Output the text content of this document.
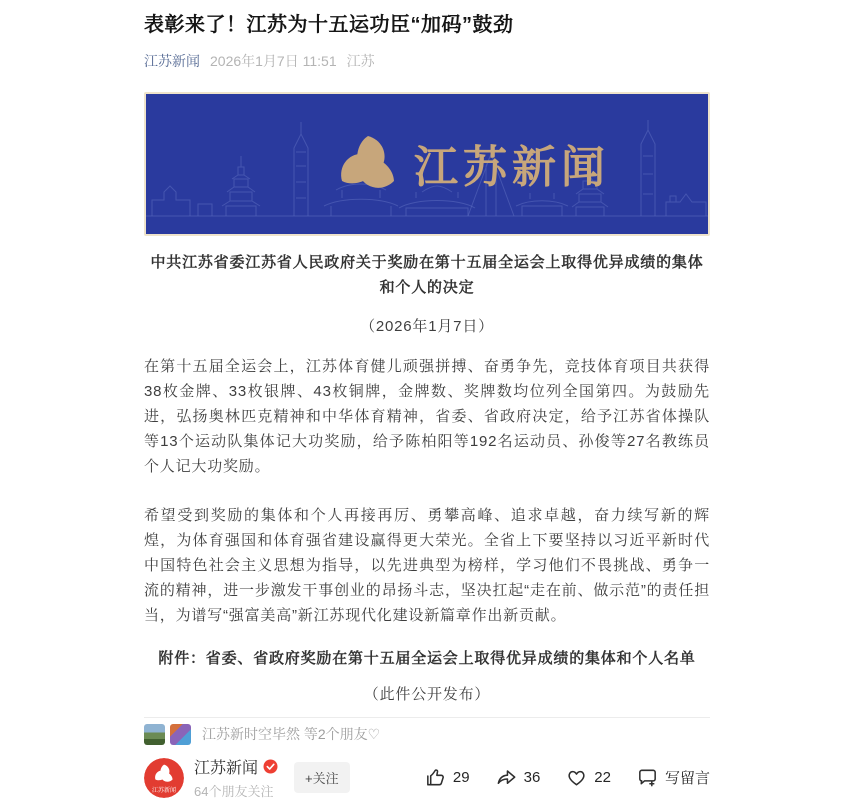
表彰来了！江苏为十五运功臣“加码”鼓劲
江苏新闻 2026年1月7日 11:51 江苏
江苏新闻
中共江苏省委江苏省人民政府关于奖励在第十五届全运会上取得优异成绩的集体和个人的决定
（2026年1月7日）

在第十五届全运会上，江苏体育健儿顽强拼搏、奋勇争先，竞技体育项目共获得38枚金牌、33枚银牌、43枚铜牌，金牌数、奖牌数均位列全国第四。为鼓励先进，弘扬奥林匹克精神和中华体育精神，省委、省政府决定，给予江苏省体操队等13个运动队集体记大功奖励，给予陈柏阳等192名运动员、孙俊等27名教练员个人记大功奖励。

希望受到奖励的集体和个人再接再厉、勇攀高峰、追求卓越，奋力续写新的辉煌，为体育强国和体育强省建设赢得更大荣光。全省上下要坚持以习近平新时代中国特色社会主义思想为指导，以先进典型为榜样，学习他们不畏挑战、勇争一流的精神，进一步激发干事创业的昂扬斗志，坚决扛起“走在前、做示范”的责任担当，为谱写“强富美高”新江苏现代化建设新篇章作出新贡献。

附件：省委、省政府奖励在第十五届全运会上取得优异成绩的集体和个人名单
（此件公开发布）
江苏新时空毕然 等2个朋友♡
江苏新闻
江苏新闻
64个朋友关注
+关注	29	36	22	写留言
